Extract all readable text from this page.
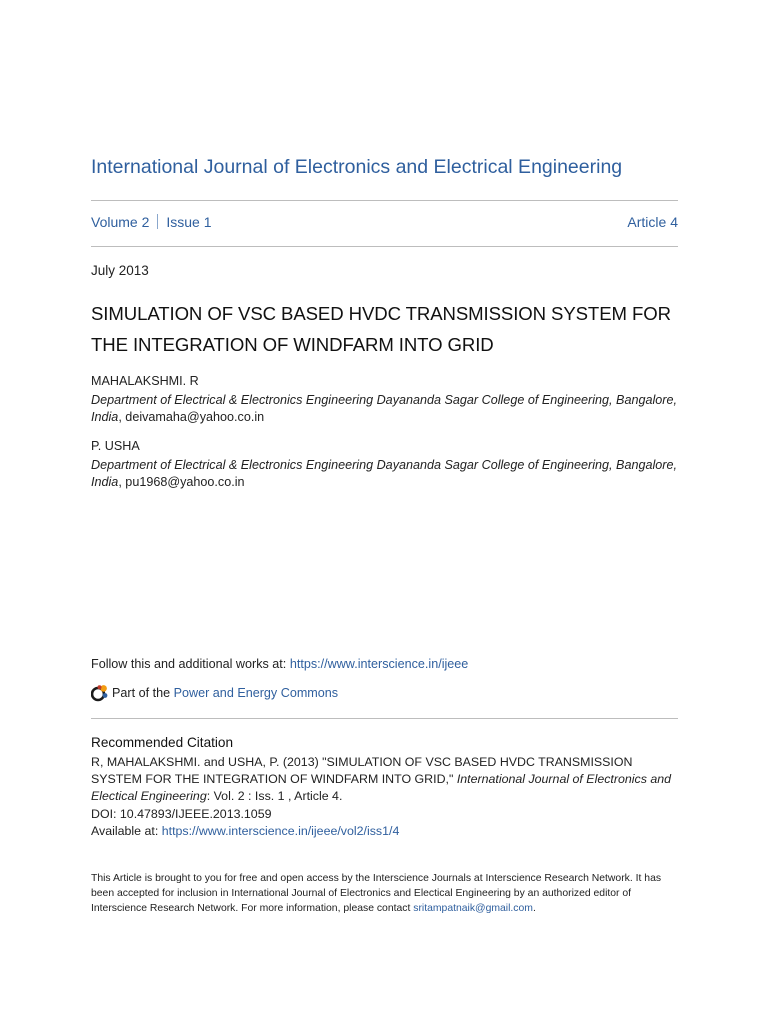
International Journal of Electronics and Electrical Engineering
Volume 2 Issue 1	Article 4
July 2013
SIMULATION OF VSC BASED HVDC TRANSMISSION SYSTEM FOR THE INTEGRATION OF WINDFARM INTO GRID
MAHALAKSHMI. R
Department of Electrical & Electronics Engineering Dayananda Sagar College of Engineering, Bangalore, India, deivamaha@yahoo.co.in
P. USHA
Department of Electrical & Electronics Engineering Dayananda Sagar College of Engineering, Bangalore, India, pu1968@yahoo.co.in
Follow this and additional works at: https://www.interscience.in/ijeee
Part of the
Power and Energy Commons
Recommended Citation
R, MAHALAKSHMI. and USHA, P. (2013) "SIMULATION OF VSC BASED HVDC TRANSMISSION SYSTEM FOR THE INTEGRATION OF WINDFARM INTO GRID," International Journal of Electronics and Electical Engineering: Vol. 2 : Iss. 1 , Article 4.
DOI: 10.47893/IJEEE.2013.1059
Available at: https://www.interscience.in/ijeee/vol2/iss1/4
This Article is brought to you for free and open access by the Interscience Journals at Interscience Research Network. It has been accepted for inclusion in International Journal of Electronics and Electical Engineering by an authorized editor of Interscience Research Network. For more information, please contact sritampatnaik@gmail.com.
